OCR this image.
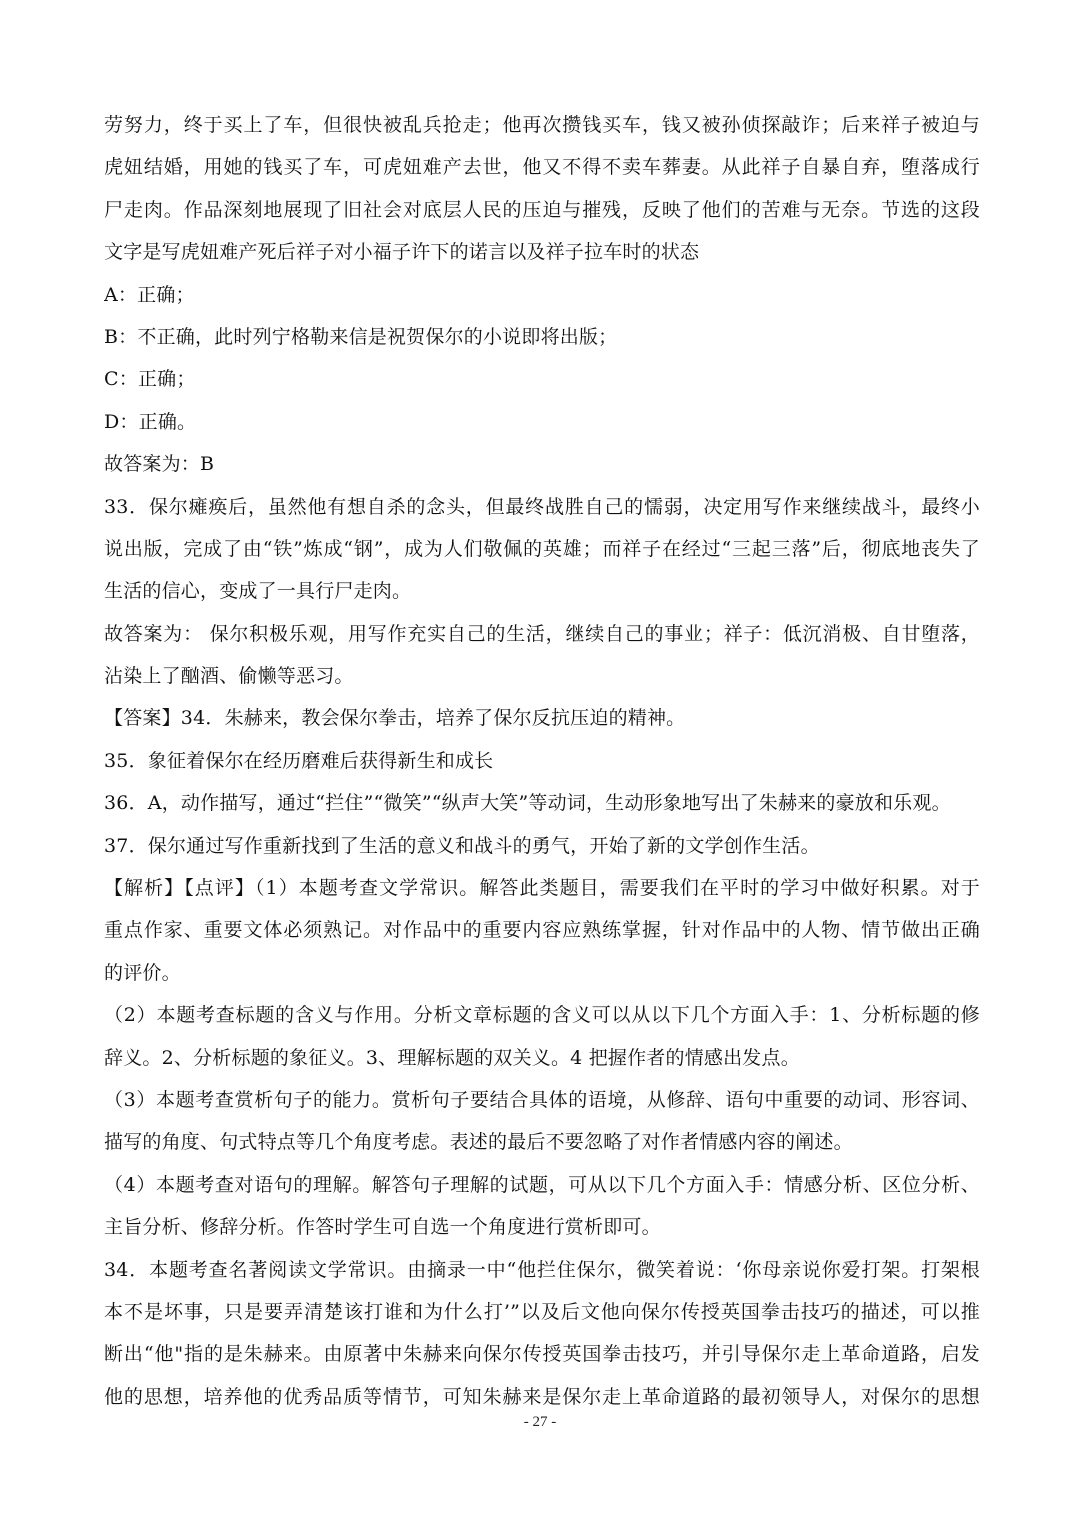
劳努力，终于买上了车，但很快被乱兵抢走；他再次攒钱买车，钱又被孙侦探敲诈；后来祥子被迫与
虎妞结婚，用她的钱买了车，可虎妞难产去世，他又不得不卖车葬妻。从此祥子自暴自弃，堕落成行
尸走肉。作品深刻地展现了旧社会对底层人民的压迫与摧残，反映了他们的苦难与无奈。节选的这段
文字是写虎妞难产死后祥子对小福子许下的诺言以及祥子拉车时的状态
A：正确；
B：不正确，此时列宁格勒来信是祝贺保尔的小说即将出版；
C：正确；
D：正确。
故答案为：B
33．保尔瘫痪后，虽然他有想自杀的念头，但最终战胜自己的懦弱，决定用写作来继续战斗，最终小
说出版，完成了由“铁”炼成“钢”，成为人们敬佩的英雄；而祥子在经过“三起三落”后，彻底地丧失了
生活的信心，变成了一具行尸走肉。
故答案为： 保尔积极乐观，用写作充实自己的生活，继续自己的事业；祥子：低沉消极、自甘堕落，
沾染上了酗酒、偷懒等恶习。
【答案】34．朱赫来，教会保尔拳击，培养了保尔反抗压迫的精神。
35．象征着保尔在经历磨难后获得新生和成长
36．A，动作描写，通过“拦住”“微笑”“纵声大笑”等动词，生动形象地写出了朱赫来的豪放和乐观。
37．保尔通过写作重新找到了生活的意义和战斗的勇气，开始了新的文学创作生活。
【解析】【点评】（1）本题考查文学常识。解答此类题目，需要我们在平时的学习中做好积累。对于
重点作家、重要文体必须熟记。对作品中的重要内容应熟练掌握，针对作品中的人物、情节做出正确
的评价。
（2）本题考查标题的含义与作用。分析文章标题的含义可以从以下几个方面入手：1、分析标题的修
辞义。2、分析标题的象征义。3、理解标题的双关义。4 把握作者的情感出发点。
（3）本题考查赏析句子的能力。赏析句子要结合具体的语境，从修辞、语句中重要的动词、形容词、
描写的角度、句式特点等几个角度考虑。表述的最后不要忽略了对作者情感内容的阐述。
（4）本题考查对语句的理解。解答句子理解的试题，可从以下几个方面入手：情感分析、区位分析、
主旨分析、修辞分析。作答时学生可自选一个角度进行赏析即可。
34．本题考查名著阅读文学常识。由摘录一中“他拦住保尔，微笑着说：‘你母亲说你爱打架。打架根
本不是坏事，只是要弄清楚该打谁和为什么打’”以及后文他向保尔传授英国拳击技巧的描述，可以推
断出“他"指的是朱赫来。由原著中朱赫来向保尔传授英国拳击技巧，并引导保尔走上革命道路，启发
他的思想，培养他的优秀品质等情节，可知朱赫来是保尔走上革命道路的最初领导人，对保尔的思想
- 27 -
